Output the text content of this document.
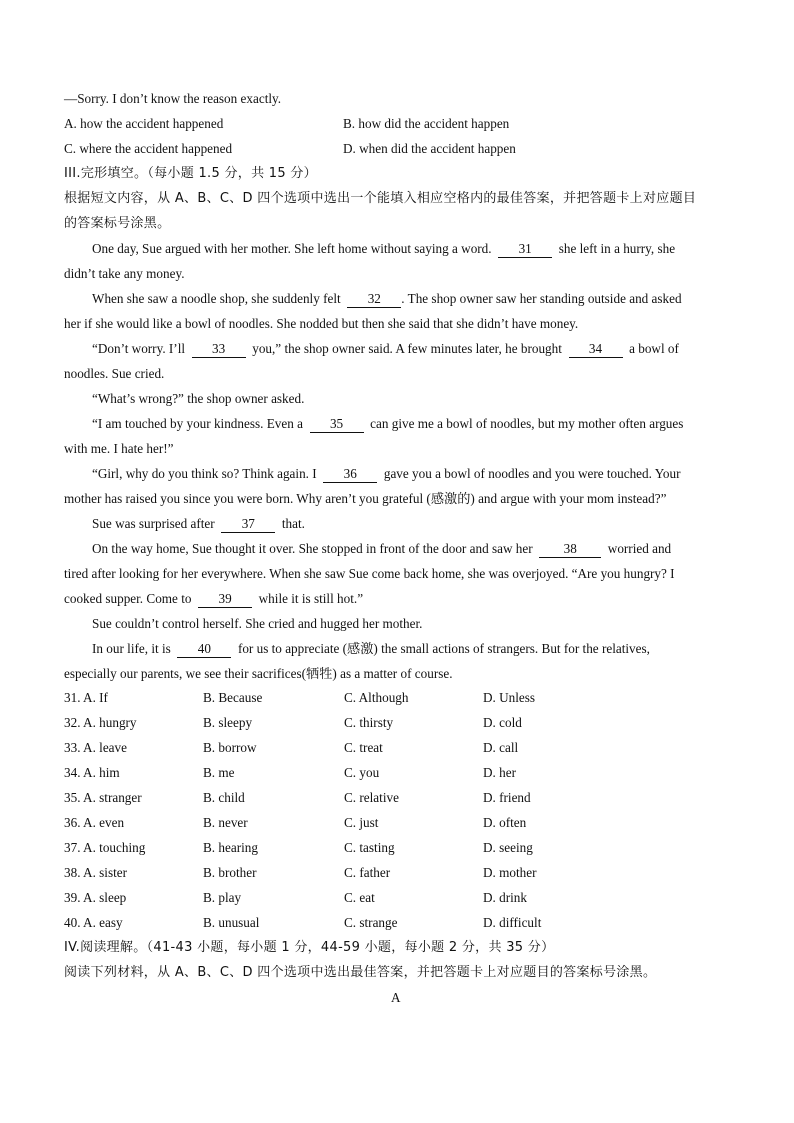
—Sorry. I don’t know the reason exactly.
A. how the accident happened	B. how did the accident happen
C. where the accident happened	D. when did the accident happen
III.完形填空。（每小题 1.5 分，共 15 分）
根据短文内容，从 A、B、C、D 四个选项中选出一个能填入相应空格内的最佳答案，并把答题卡上对应题目
的答案标号涂黑。
One day, Sue argued with her mother. She left home without saying a word. 31 she left in a hurry, she
didn’t take any money.
When she saw a noodle shop, she suddenly felt 32 . The shop owner saw her standing outside and asked
her if she would like a bowl of noodles. She nodded but then she said that she didn’t have money.
“Don’t worry. I’ll 33 you,” the shop owner said. A few minutes later, he brought 34 a bowl of
noodles. Sue cried.
“What’s wrong?” the shop owner asked.
“I am touched by your kindness. Even a 35 can give me a bowl of noodles, but my mother often argues
with me. I hate her!”
“Girl, why do you think so? Think again. I 36 gave you a bowl of noodles and you were touched. Your
mother has raised you since you were born. Why aren’t you grateful (感激的) and argue with your mom instead?”
Sue was surprised after 37 that.
On the way home, Sue thought it over. She stopped in front of the door and saw her 38 worried and
tired after looking for her everywhere. When she saw Sue come back home, she was overjoyed. “Are you hungry? I
cooked supper. Come to 39 while it is still hot.”
Sue couldn’t control herself. She cried and hugged her mother.
In our life, it is 40 for us to appreciate (感激) the small actions of strangers. But for the relatives,
especially our parents, we see their sacrifices(牺牲) as a matter of course.
31. A. If	B. Because	C. Although	D. Unless
32. A. hungry	B. sleepy	C. thirsty	D. cold
33. A. leave	B. borrow	C. treat	D. call
34. A. him	B. me	C. you	D. her
35. A. stranger	B. child	C. relative	D. friend
36. A. even	B. never	C. just	D. often
37. A. touching	B. hearing	C. tasting	D. seeing
38. A. sister	B. brother	C. father	D. mother
39. A. sleep	B. play	C. eat	D. drink
40. A. easy	B. unusual	C. strange	D. difficult
IV.阅读理解。（41-43 小题，每小题 1 分，44-59 小题，每小题 2 分，共 35 分）
阅读下列材料，从 A、B、C、D 四个选项中选出最佳答案，并把答题卡上对应题目的答案标号涂黑。
A
